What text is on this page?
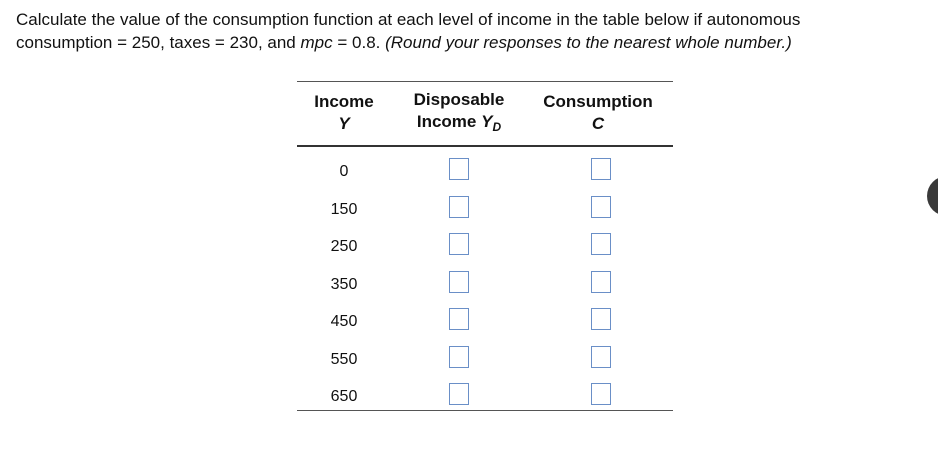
Calculate the value of the consumption function at each level of income in the table below if autonomous
consumption = 250, taxes = 230, and mpc = 0.8. (Round your responses to the nearest whole number.)
Income
Y
Disposable
Income $Y_D$
Consumption
C
0
150
250
350
450
550
650
